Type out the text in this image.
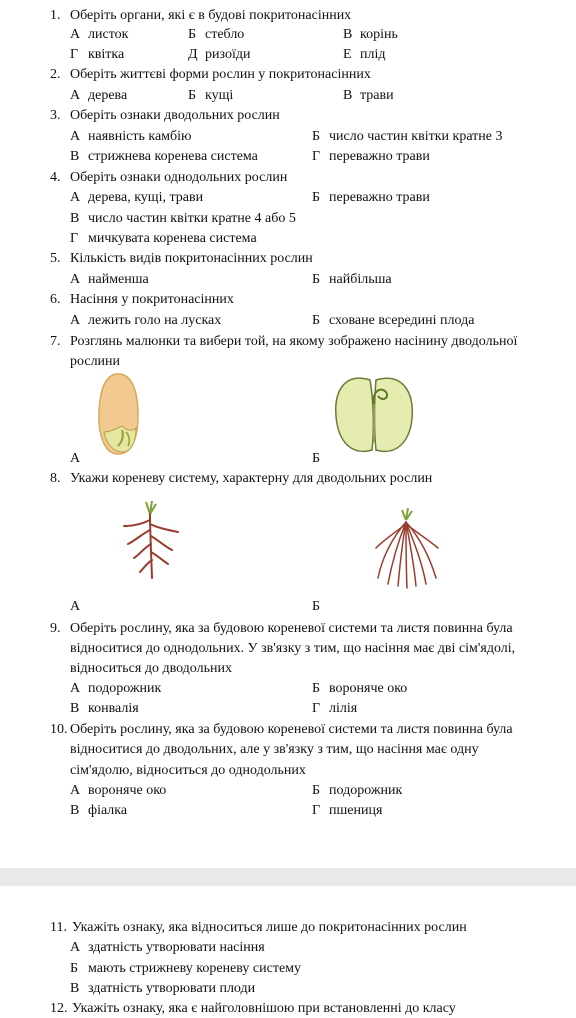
1. Оберіть органи, які є в будові покритонасінних
А листок	Б стебло	В корінь
Г квітка	Д ризоїди	Е плід
2. Оберіть життєві форми рослин у покритонасінних
А дерева	Б кущі	В трави
3. Оберіть ознаки дводольних рослин
А наявність камбію	Б число частин квітки кратне 3
В стрижнева коренева система	Г переважно трави
4. Оберіть ознаки однодольних рослин
А дерева, кущі, трави	Б переважно трави
В число частин квітки кратне 4 або 5
Г мичкувата коренева система
5. Кількість видів покритонасінних рослин
А найменша	Б найбільша
6. Насіння у покритонасінних
А лежить голо на лусках	Б сховане всередині плода
7. Розглянь малюнки та вибери той, на якому зображено насінину дводольної
рослини
А	Б
8. Укажи кореневу систему, характерну для дводольних рослин
А	Б
9. Оберіть рослину, яка за будовою кореневої системи та листя повинна була
відноситися до однодольних. У зв'язку з тим, що насіння має дві сім'ядолі,
відноситься до дводольних
А подорожник	Б вороняче око
В конвалія	Г лілія
10. Оберіть рослину, яка за будовою кореневої системи та листя повинна була
відноситися до дводольних, але у зв'язку з тим, що насіння має одну
сім'ядолю, відноситься до однодольних
А вороняче око	Б подорожник
В фіалка	Г пшениця
11. Укажіть ознаку, яка відноситься лише до покритонасінних рослин
А здатність утворювати насіння
Б мають стрижневу кореневу систему
В здатність утворювати плоди
12. Укажіть ознаку, яка є найголовнішою при встановленні до класу
